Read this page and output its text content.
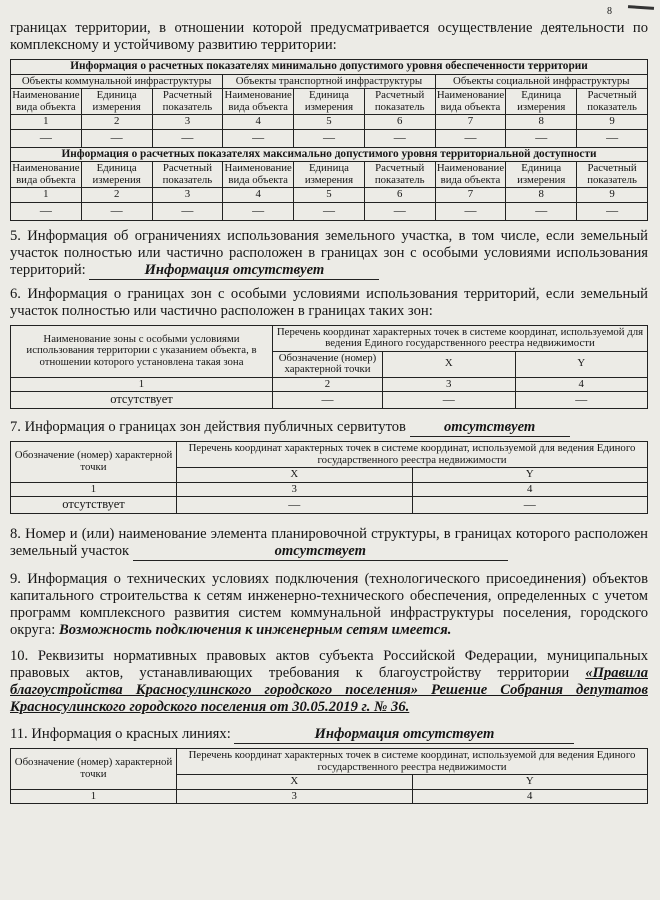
8

границах территории, в отношении которой предусматривается осуществление деятельности по комплексному и устойчивому развитию территории:

Информация о расчетных показателях минимально допустимого уровня обеспеченности территории								
Объекты коммунальной инфраструктуры			Объекты транспортной инфраструктуры			Объекты социальной инфраструктуры		
Наименование вида объекта	Единица измерения	Расчетный показатель	Наименование вида объекта	Единица измерения	Расчетный показатель	Наименование вида объекта	Единица измерения	Расчетный показатель
1	2	3	4	5	6	7	8	9
—	—	—	—	—	—	—	—	—
Информация о расчетных показателях максимально допустимого уровня территориальной доступности								
Наименование вида объекта	Единица измерения	Расчетный показатель	Наименование вида объекта	Единица измерения	Расчетный показатель	Наименование вида объекта	Единица измерения	Расчетный показатель
1	2	3	4	5	6	7	8	9
—	—	—	—	—	—	—	—	—

5. Информация об ограничениях использования земельного участка, в том числе, если земельный участок полностью или частично расположен в границах зон с особыми условиями использования территорий:	Информация отсутствует

6. Информация о границах зон с особыми условиями использования территорий, если земельный участок полностью или частично расположен в границах таких зон:

Наименование зоны с особыми условиями использования территории с указанием объекта, в отношении которого установлена такая зона	Перечень координат характерных точек в системе координат, используемой для ведения Единого государственного реестра недвижимости		
	Обозначение (номер) характерной точки	X	Y
1	2	3	4
отсутствует	—	—	—

7. Информация о границах зон действия публичных сервитутов	отсутствует

Обозначение (номер) характерной точки	Перечень координат характерных точек в системе координат, используемой для ведения Единого государственного реестра недвижимости	
	X	Y
1	3	4
отсутствует	—	—

8. Номер и (или) наименование элемента планировочной структуры, в границах которого расположен земельный участок	отсутствует

9. Информация о технических условиях подключения (технологического присоединения) объектов капитального строительства к сетям инженерно-технического обеспечения, определенных с учетом программ комплексного развития систем коммунальной инфраструктуры поселения, городского округа: Возможность подключения к инженерным сетям имеется.

10. Реквизиты нормативных правовых актов субъекта Российской Федерации, муниципальных правовых актов, устанавливающих требования к благоустройству территории «Правила благоустройства Красносулинского городского поселения» Решение Собрания депутатов Красносулинского городского поселения от 30.05.2019 г. № 36.

11. Информация о красных линиях:	Информация отсутствует

Обозначение (номер) характерной точки	Перечень координат характерных точек в системе координат, используемой для ведения Единого государственного реестра недвижимости	
	X	Y
1	3	4
